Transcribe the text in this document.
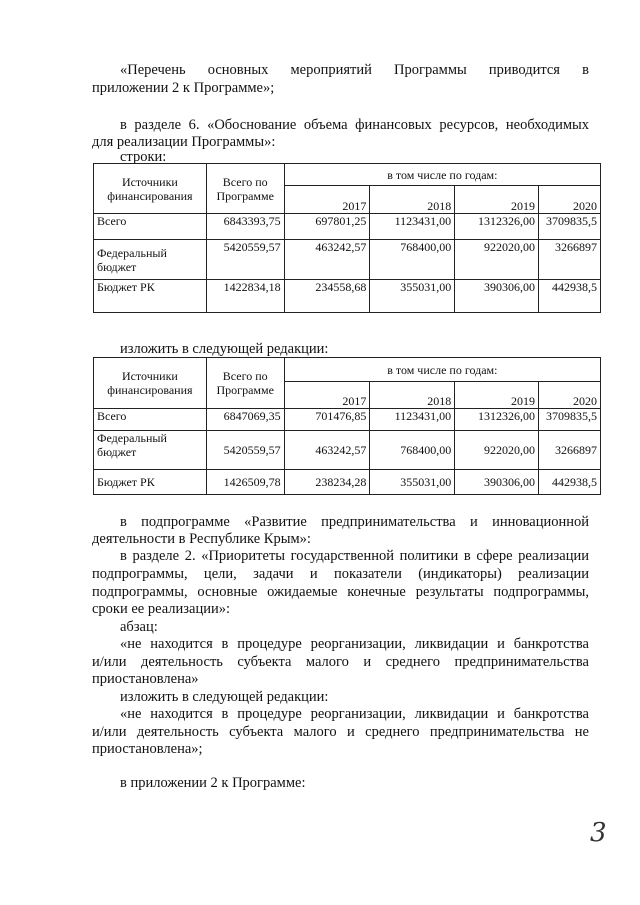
«Перечень основных мероприятий Программы приводится в
приложении 2 к Программе»;
в разделе 6. «Обоснование объема финансовых ресурсов, необходимых
для реализации Программы»:
строки:
Источники финансирования	Всего по Программе	в том числе по годам:			
		2017	2018	2019	2020
Всего	6843393,75	697801,25	1123431,00	1312326,00	3709835,5
Федеральный бюджет	5420559,57	463242,57	768400,00	922020,00	3266897
Бюджет РК	1422834,18	234558,68	355031,00	390306,00	442938,5
изложить в следующей редакции:
Источники финансирования	Всего по Программе	в том числе по годам:			
		2017	2018	2019	2020
Всего	6847069,35	701476,85	1123431,00	1312326,00	3709835,5
Федеральный бюджет	5420559,57	463242,57	768400,00	922020,00	3266897
Бюджет РК	1426509,78	238234,28	355031,00	390306,00	442938,5
в подпрограмме «Развитие предпринимательства и инновационной
деятельности в Республике Крым»:
в разделе 2. «Приоритеты государственной политики в сфере реализации
подпрограммы, цели, задачи и показатели (индикаторы) реализации
подпрограммы, основные ожидаемые конечные результаты подпрограммы,
сроки ее реализации»:
абзац:
«не находится в процедуре реорганизации, ликвидации и банкротства
и/или деятельность субъекта малого и среднего предпринимательства
приостановлена»
изложить в следующей редакции:
«не находится в процедуре реорганизации, ликвидации и банкротства
и/или деятельность субъекта малого и среднего предпринимательства не
приостановлена»;
в приложении 2 к Программе:
3
